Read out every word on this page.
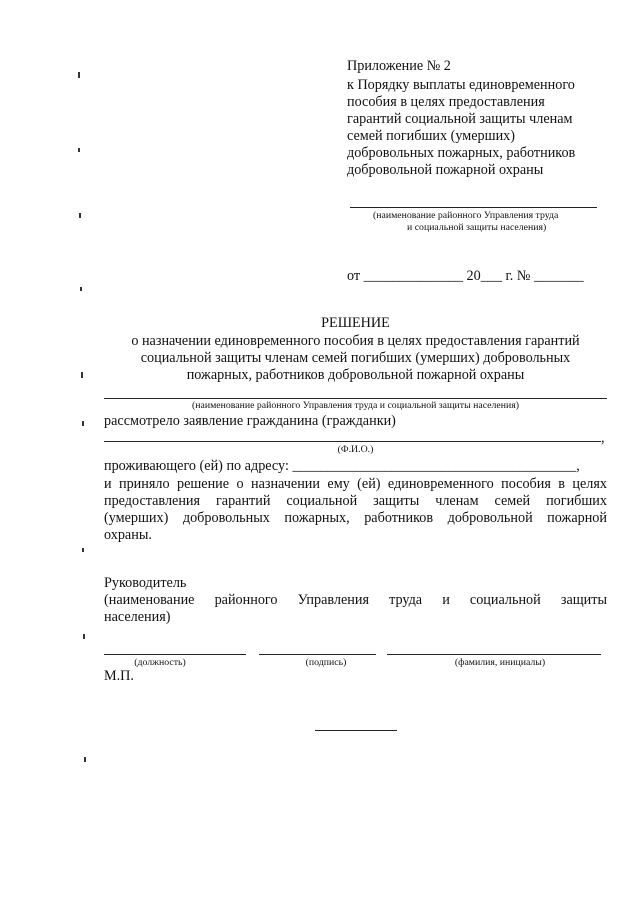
Приложение № 2
к Порядку выплаты единовременного
пособия в целях предоставления
гарантий социальной защиты членам
семей погибших (умерших)
добровольных пожарных, работников
добровольной пожарной охраны
(наименование районного Управления труда
и социальной защиты населения)
от ______________ 20___ г. № _______
РЕШЕНИЕ
о назначении единовременного пособия в целях предоставления гарантий
социальной защиты членам семей погибших (умерших) добровольных
пожарных, работников добровольной пожарной охраны
(наименование районного Управления труда и социальной защиты населения)
рассмотрело заявление гражданина (гражданки)
,
(Ф.И.О.)
проживающего (ей) по адресу: ________________________________________,
и приняло решение о назначении ему (ей) единовременного пособия в целях
предоставления гарантий социальной защиты членам семей погибших
(умерших) добровольных пожарных, работников добровольной пожарной
охраны.
Руководитель
(наименование районного Управления труда и социальной защиты
населения)
(должность)	(подпись)	(фамилия, инициалы)
М.П.
